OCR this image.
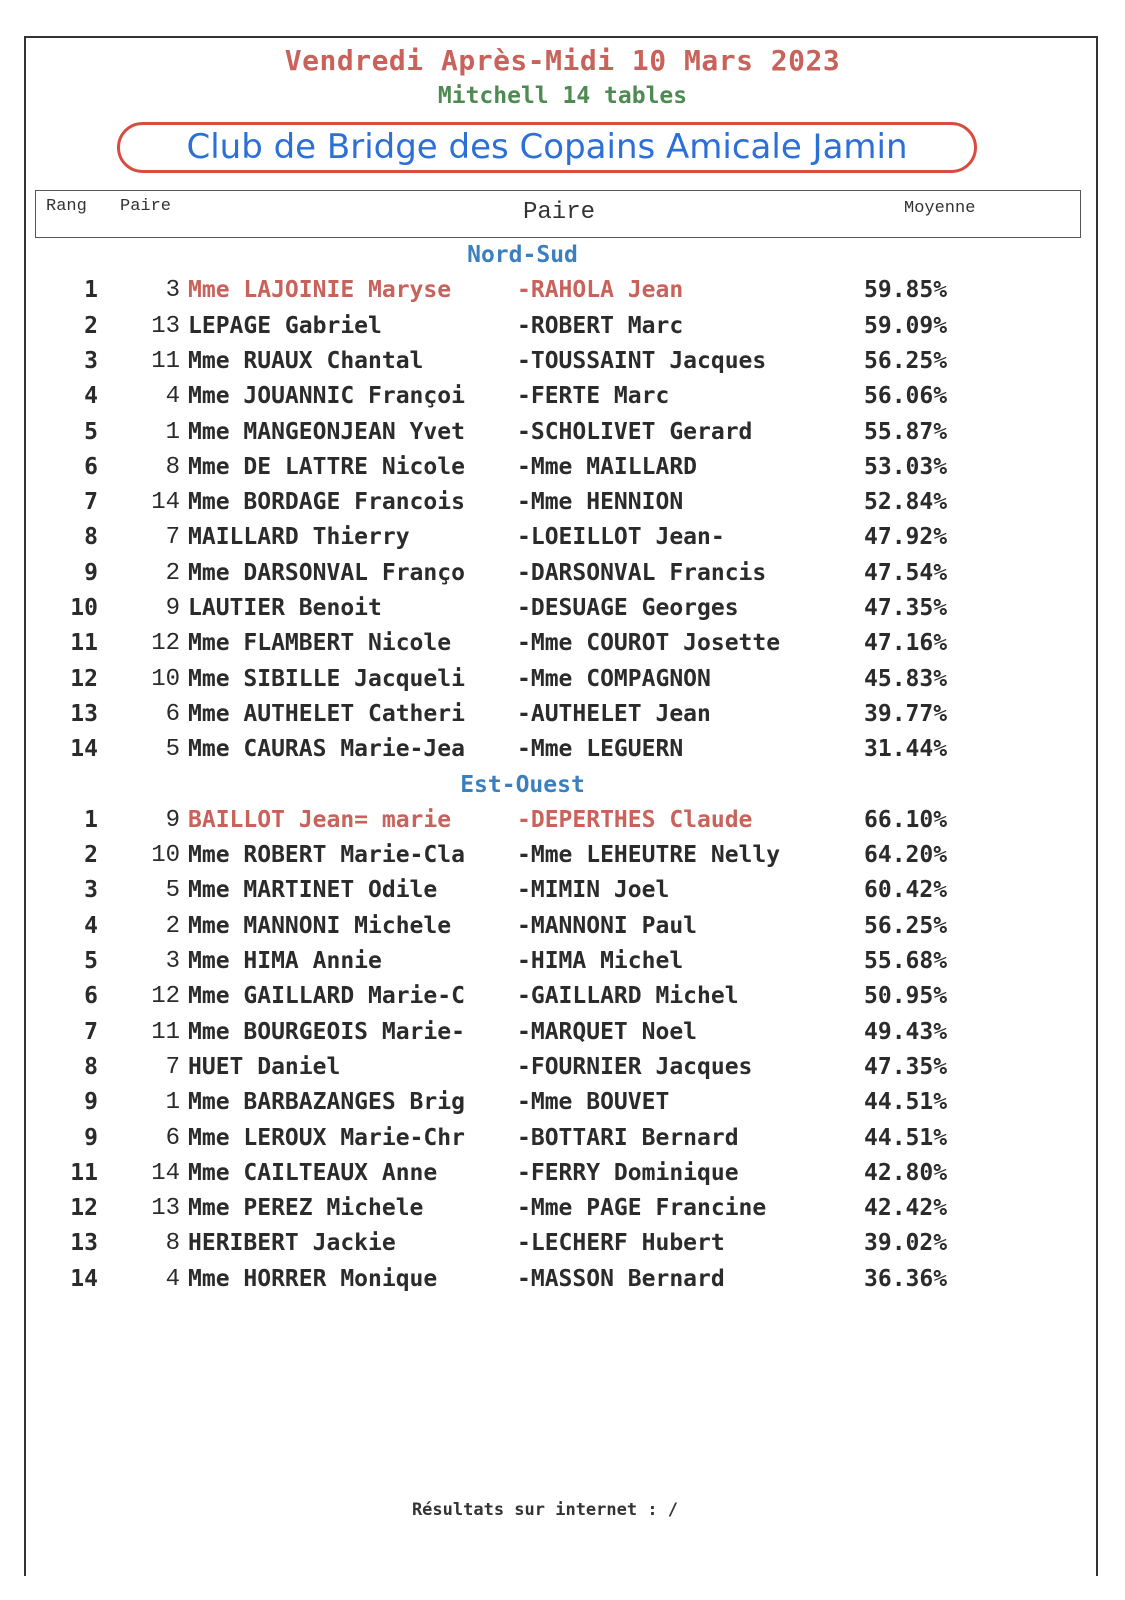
Vendredi Après-Midi 10 Mars 2023
Mitchell 14 tables
Club de Bridge des Copains Amicale Jamin
Rang Paire	Paire	Moyenne
Nord-Sud
1	3 Mme LAJOINIE Maryse	-RAHOLA Jean	59.85%
2	13 LEPAGE Gabriel	-ROBERT Marc	59.09%
3	11 Mme RUAUX Chantal	-TOUSSAINT Jacques	56.25%
4	4 Mme JOUANNIC Françoi -FERTE Marc	56.06%
5	1 Mme MANGEONJEAN Yvet -SCHOLIVET Gerard	55.87%
6	8 Mme DE LATTRE Nicole -Mme MAILLARD	53.03%
7	14 Mme BORDAGE Francois -Mme HENNION	52.84%
8	7 MAILLARD Thierry	-LOEILLOT Jean-	47.92%
9	2 Mme DARSONVAL Franço -DARSONVAL Francis	47.54%
10	9 LAUTIER Benoit	-DESUAGE Georges	47.35%
11	12 Mme FLAMBERT Nicole	-Mme COUROT Josette	47.16%
12	10 Mme SIBILLE Jacqueli -Mme COMPAGNON	45.83%
13	6 Mme AUTHELET Catheri -AUTHELET Jean	39.77%
14	5 Mme CAURAS Marie-Jea -Mme LEGUERN	31.44%
Est-Ouest
1	9 BAILLOT Jean= marie	-DEPERTHES Claude	66.10%
2	10 Mme ROBERT Marie-Cla -Mme LEHEUTRE Nelly	64.20%
3	5 Mme MARTINET Odile	-MIMIN Joel	60.42%
4	2 Mme MANNONI Michele	-MANNONI Paul	56.25%
5	3 Mme HIMA Annie	-HIMA Michel	55.68%
6	12 Mme GAILLARD Marie-C -GAILLARD Michel	50.95%
7	11 Mme BOURGEOIS Marie- -MARQUET Noel	49.43%
8	7 HUET Daniel	-FOURNIER Jacques	47.35%
9	1 Mme BARBAZANGES Brig -Mme BOUVET	44.51%
9	6 Mme LEROUX Marie-Chr -BOTTARI Bernard	44.51%
11	14 Mme CAILTEAUX Anne	-FERRY Dominique	42.80%
12	13 Mme PEREZ Michele	-Mme PAGE Francine	42.42%
13	8 HERIBERT Jackie	-LECHERF Hubert	39.02%
14	4 Mme HORRER Monique	-MASSON Bernard	36.36%
Résultats sur internet : /
